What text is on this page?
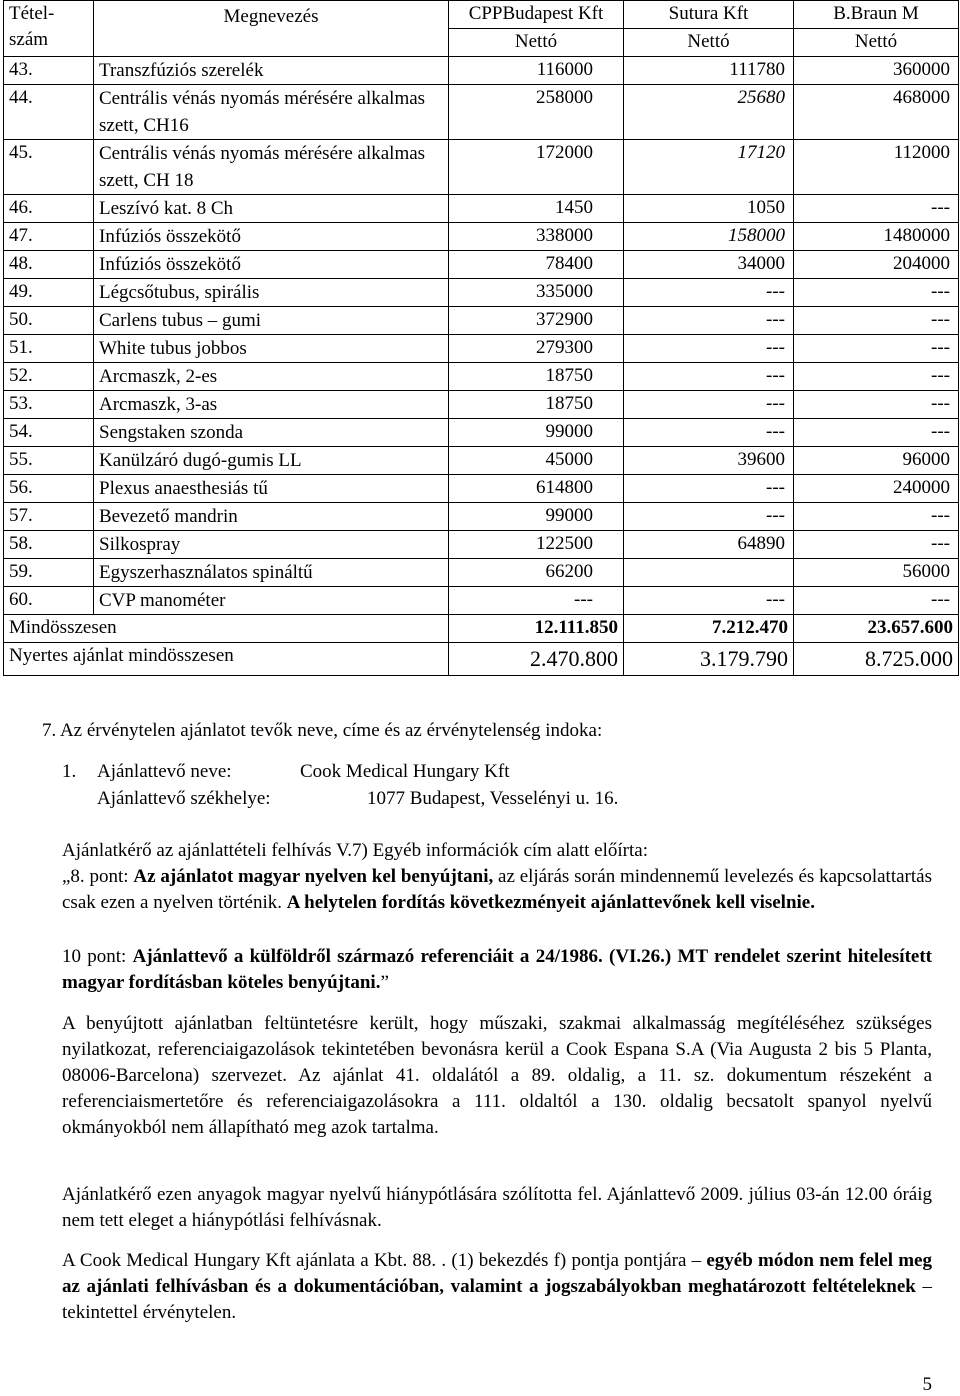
Tétel-szám	Megnevezés	CPPBudapest Kft	Sutura Kft	B.Braun M
		Nettó	Nettó	Nettó
43.	Transzfúziós szerelék	116000	111780	360000
44.	Centrális vénás nyomás mérésére alkalmas szett, CH16	258000	25680	468000
45.	Centrális vénás nyomás mérésére alkalmas szett, CH 18	172000	17120	112000
46.	Leszívó kat. 8 Ch	1450	1050	---
47.	Infúziós összekötő	338000	158000	1480000
48.	Infúziós összekötő	78400	34000	204000
49.	Légcsőtubus, spirális	335000	---	---
50.	Carlens tubus – gumi	372900	---	---
51.	White tubus jobbos	279300	---	---
52.	Arcmaszk, 2-es	18750	---	---
53.	Arcmaszk, 3-as	18750	---	---
54.	Sengstaken szonda	99000	---	---
55.	Kanülzáró dugó-gumis LL	45000	39600	96000
56.	Plexus anaesthesiás tű	614800	---	240000
57.	Bevezető mandrin	99000	---	---
58.	Silkospray	122500	64890	---
59.	Egyszerhasználatos spináltű	66200		56000
60.	CVP manométer	---	---	---
Mindösszesen		12.111.850	7.212.470	23.657.600
Nyertes ajánlat mindösszesen		2.470.800	3.179.790	8.725.000
7. Az érvénytelen ajánlatot tevők neve, címe és az érvénytelenség indoka:
1. Ajánlattevő neve:	Cook Medical Hungary Kft
Ajánlattevő székhelye:	1077 Budapest, Vesselényi u. 16.
Ajánlatkérő az ajánlattételi felhívás V.7) Egyéb információk cím alatt előírta:
„8. pont: Az ajánlatot magyar nyelven kel benyújtani, az eljárás során mindennemű levelezés és kapcsolattartás csak ezen a nyelven történik. A helytelen fordítás következményeit ajánlattevőnek kell viselnie.
10 pont: Ajánlattevő a külföldről származó referenciáit a 24/1986. (VI.26.) MT rendelet szerint hitelesített magyar fordításban köteles benyújtani.”
A benyújtott ajánlatban feltüntetésre került, hogy műszaki, szakmai alkalmasság megítéléséhez szükséges nyilatkozat, referenciaigazolások tekintetében bevonásra kerül a Cook Espana S.A (Via Augusta 2 bis 5 Planta, 08006-Barcelona) szervezet. Az ajánlat 41. oldalától a 89. oldalig, a 11. sz. dokumentum részeként a referenciaismertetőre és referenciaigazolásokra a 111. oldaltól a 130. oldalig becsatolt spanyol nyelvű okmányokból nem állapítható meg azok tartalma.
Ajánlatkérő ezen anyagok magyar nyelvű hiánypótlására szólította fel. Ajánlattevő 2009. július 03-án 12.00 óráig nem tett eleget a hiánypótlási felhívásnak.
A Cook Medical Hungary Kft ajánlata a Kbt. 88. . (1) bekezdés f) pontja pontjára – egyéb módon nem felel meg az ajánlati felhívásban és a dokumentációban, valamint a jogszabályokban meghatározott feltételeknek – tekintettel érvénytelen.
5
